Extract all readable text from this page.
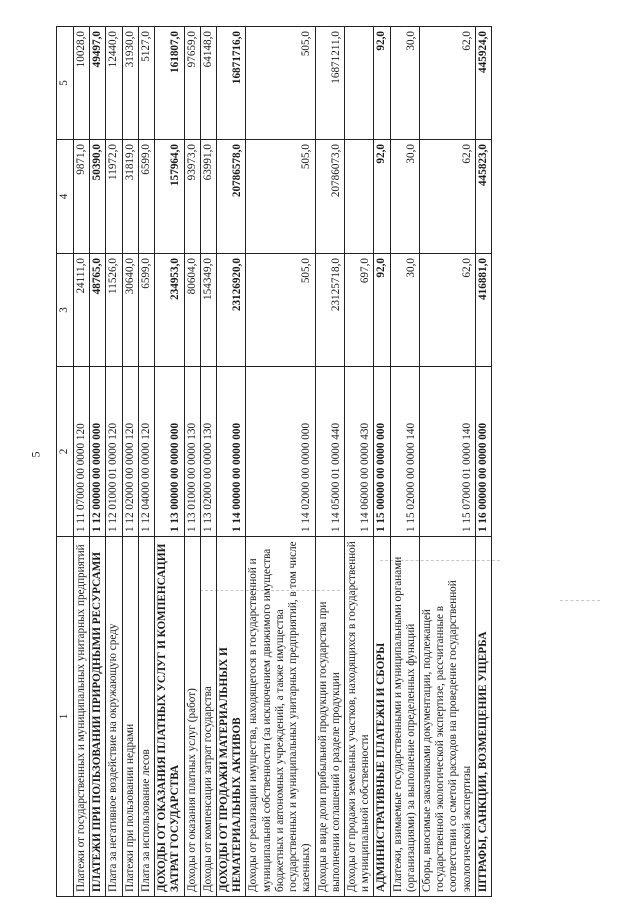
5
1	2	3	4	5
Платежи от государственных и муниципальных унитарных предприятий	1 11 07000 00 0000 120	24111,0	9871,0	10028,0
ПЛАТЕЖИ ПРИ ПОЛЬЗОВАНИИ ПРИРОДНЫМИ РЕСУРСАМИ	1 12 00000 00 0000 000	48765,0	50390,0	49497,0
Плата за негативное воздействие на окружающую среду	1 12 01000 01 0000 120	11526,0	11972,0	12440,0
Платежи при пользовании недрами	1 12 02000 00 0000 120	30640,0	31819,0	31930,0
Плата за использование лесов	1 12 04000 00 0000 120	6599,0	6599,0	5127,0
ДОХОДЫ ОТ ОКАЗАНИЯ ПЛАТНЫХ УСЛУГ И КОМПЕНСАЦИИ ЗАТРАТ ГОСУДАРСТВА	1 13 00000 00 0000 000	234953,0	157964,0	161807,0
Доходы от оказания платных услуг (работ)	1 13 01000 00 0000 130	80604,0	93973,0	97659,0
Доходы от компенсации затрат государства	1 13 02000 00 0000 130	154349,0	63991,0	64148,0
ДОХОДЫ ОТ ПРОДАЖИ МАТЕРИАЛЬНЫХ И НЕМАТЕРИАЛЬНЫХ АКТИВОВ	1 14 00000 00 0000 000	23126920,0	20786578,0	16871716,0
Доходы от реализации имущества, находящегося в государственной и муниципальной собственности (за исключением движимого имущества бюджетных и автономных учреждений, а также имущества государственных и муниципальных унитарных предприятий, в том числе казенных)	1 14 02000 00 0000 000	505,0	505,0	505,0
Доходы в виде доли прибыльной продукции государства при выполнении соглашений о разделе продукции	1 14 05000 01 0000 440	23125718,0	20786073,0	16871211,0
Доходы от продажи земельных участков, находящихся в государственной и муниципальной собственности	1 14 06000 00 0000 430	697,0		
АДМИНИСТРАТИВНЫЕ ПЛАТЕЖИ И СБОРЫ	1 15 00000 00 0000 000	92,0	92,0	92,0
Платежи, взимаемые государственными и муниципальными органами (организациями) за выполнение определенных функций	1 15 02000 00 0000 140	30,0	30,0	30,0
Сборы, вносимые заказчиками документации, подлежащей государственной экологической экспертизе, рассчитанные в соответствии со сметой расходов на проведение государственной экологической экспертизы	1 15 07000 01 0000 140	62,0	62,0	62,0
ШТРАФЫ, САНКЦИИ, ВОЗМЕЩЕНИЕ УЩЕРБА	1 16 00000 00 0000 000	416881,0	445823,0	445924,0
